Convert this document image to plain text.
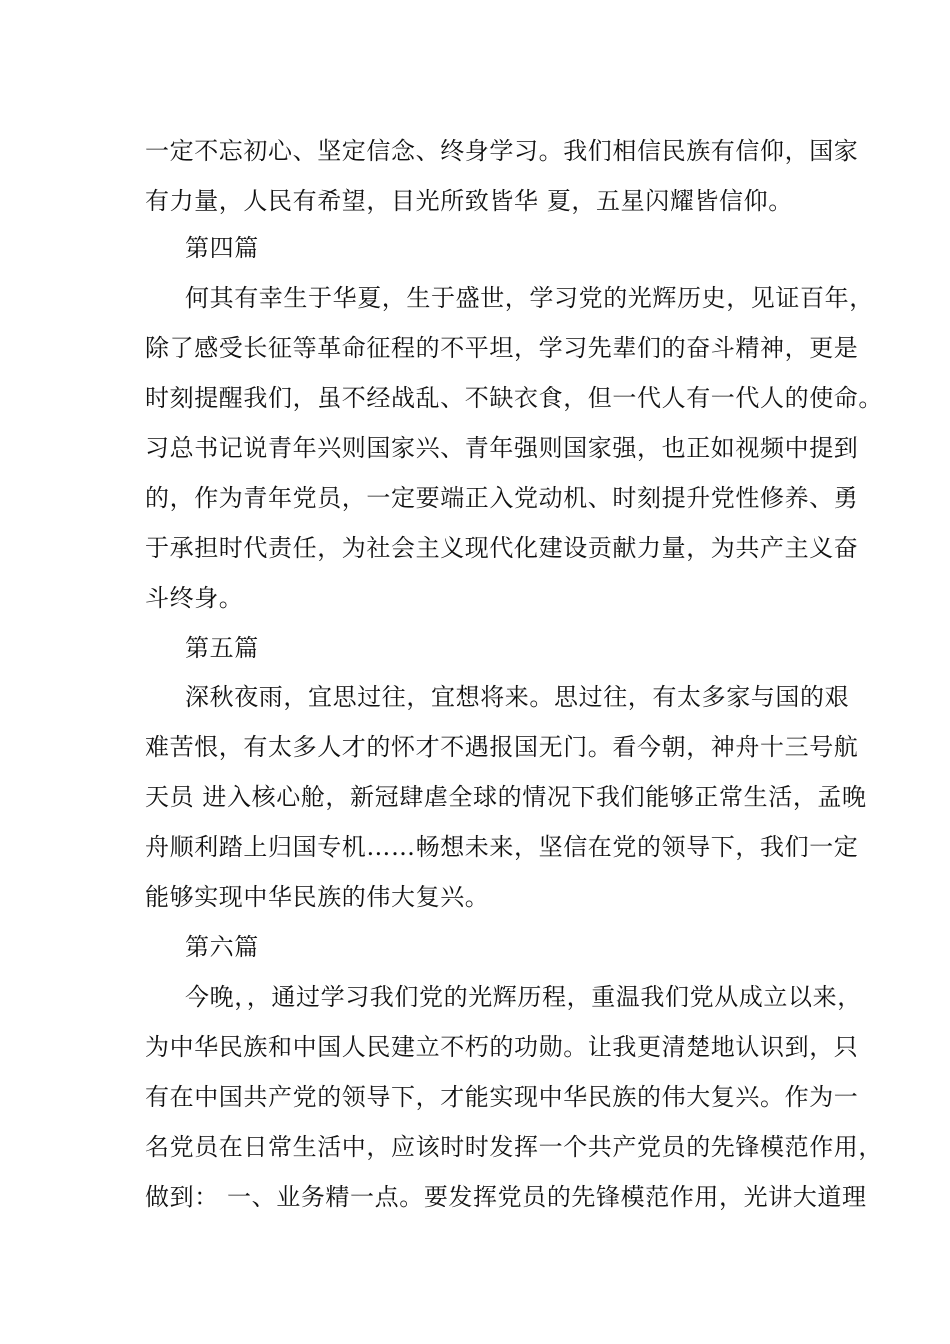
一定不忘初心、坚定信念、终身学习。我们相信民族有信仰，国家
有力量，人民有希望，目光所致皆华 夏，五星闪耀皆信仰。
第四篇
何其有幸生于华夏，生于盛世，学习党的光辉历史，见证百年，
除了感受长征等革命征程的不平坦，学习先辈们的奋斗精神，更是
时刻提醒我们，虽不经战乱、不缺衣食，但一代人有一代人的使命。
习总书记说青年兴则国家兴、青年强则国家强，也正如视频中提到
的，作为青年党员，一定要端正入党动机、时刻提升党性修养、勇
于承担时代责任，为社会主义现代化建设贡献力量，为共产主义奋
斗终身。
第五篇
深秋夜雨，宜思过往，宜想将来。思过往，有太多家与国的艰
难苦恨，有太多人才的怀才不遇报国无门。看今朝，神舟十三号航
天员 进入核心舱，新冠肆虐全球的情况下我们能够正常生活，孟晚
舟顺利踏上归国专机……畅想未来，坚信在党的领导下，我们一定
能够实现中华民族的伟大复兴。
第六篇
今晚，，通过学习我们党的光辉历程，重温我们党从成立以来，
为中华民族和中国人民建立不朽的功勋。让我更清楚地认识到，只
有在中国共产党的领导下，才能实现中华民族的伟大复兴。作为一
名党员在日常生活中，应该时时发挥一个共产党员的先锋模范作用，
做到： 一、业务精一点。要发挥党员的先锋模范作用，光讲大道理
